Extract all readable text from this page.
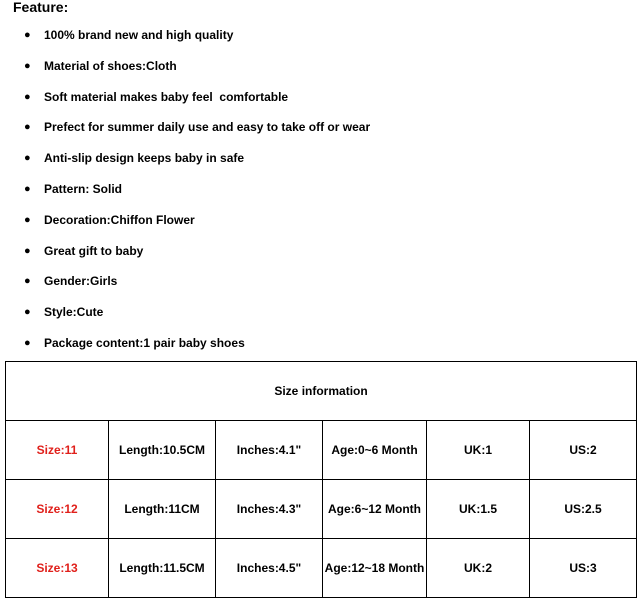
Feature:
● 100% brand new and high quality
● Material of shoes:Cloth
● Soft material makes baby feel  comfortable
● Prefect for summer daily use and easy to take off or wear
● Anti-slip design keeps baby in safe
● Pattern: Solid
● Decoration:Chiffon Flower
● Great gift to baby
● Gender:Girls
● Style:Cute
● Package content:1 pair baby shoes
Size information					
Size:11	Length:10.5CM	Inches:4.1"	Age:0~6 Month	UK:1	US:2
Size:12	Length:11CM	Inches:4.3"	Age:6~12 Month	UK:1.5	US:2.5
Size:13	Length:11.5CM	Inches:4.5"	Age:12~18 Month	UK:2	US:3
